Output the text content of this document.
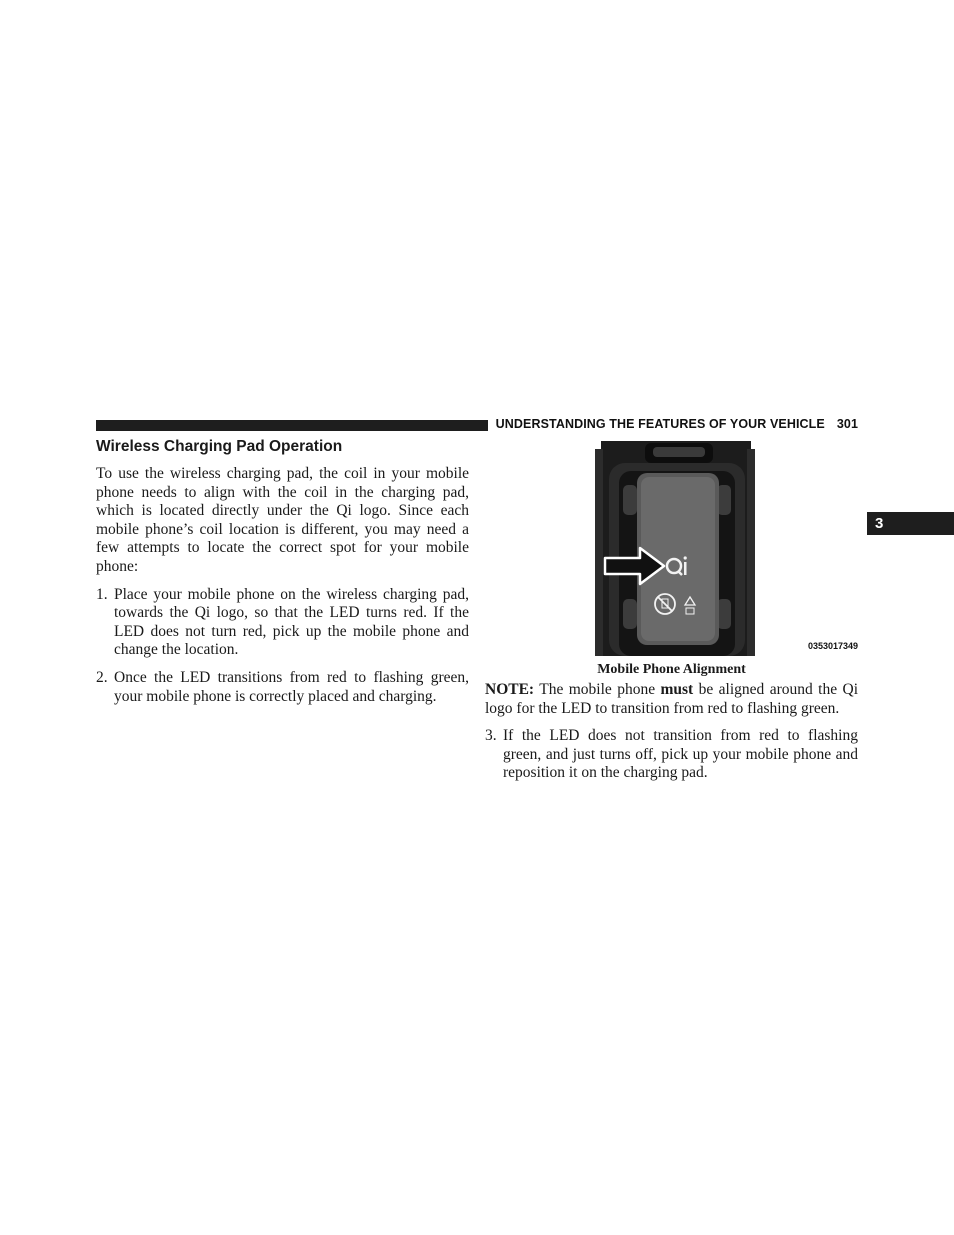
UNDERSTANDING THE FEATURES OF YOUR VEHICLE 301
3
Wireless Charging Pad Operation

To use the wireless charging pad, the coil in your mobile phone needs to align with the coil in the charging pad, which is located directly under the Qi logo. Since each mobile phone’s coil location is different, you may need a few attempts to locate the correct spot for your mobile phone:

1. Place your mobile phone on the wireless charging pad, towards the Qi logo, so that the LED turns red. If the LED does not turn red, pick up the mobile phone and change the location.
2. Once the LED transitions from red to flashing green, your mobile phone is correctly placed and charging.
0353017349
Mobile Phone Alignment

NOTE: The mobile phone must be aligned around the Qi logo for the LED to transition from red to flashing green.

3. If the LED does not transition from red to flashing green, and just turns off, pick up your mobile phone and reposition it on the charging pad.
